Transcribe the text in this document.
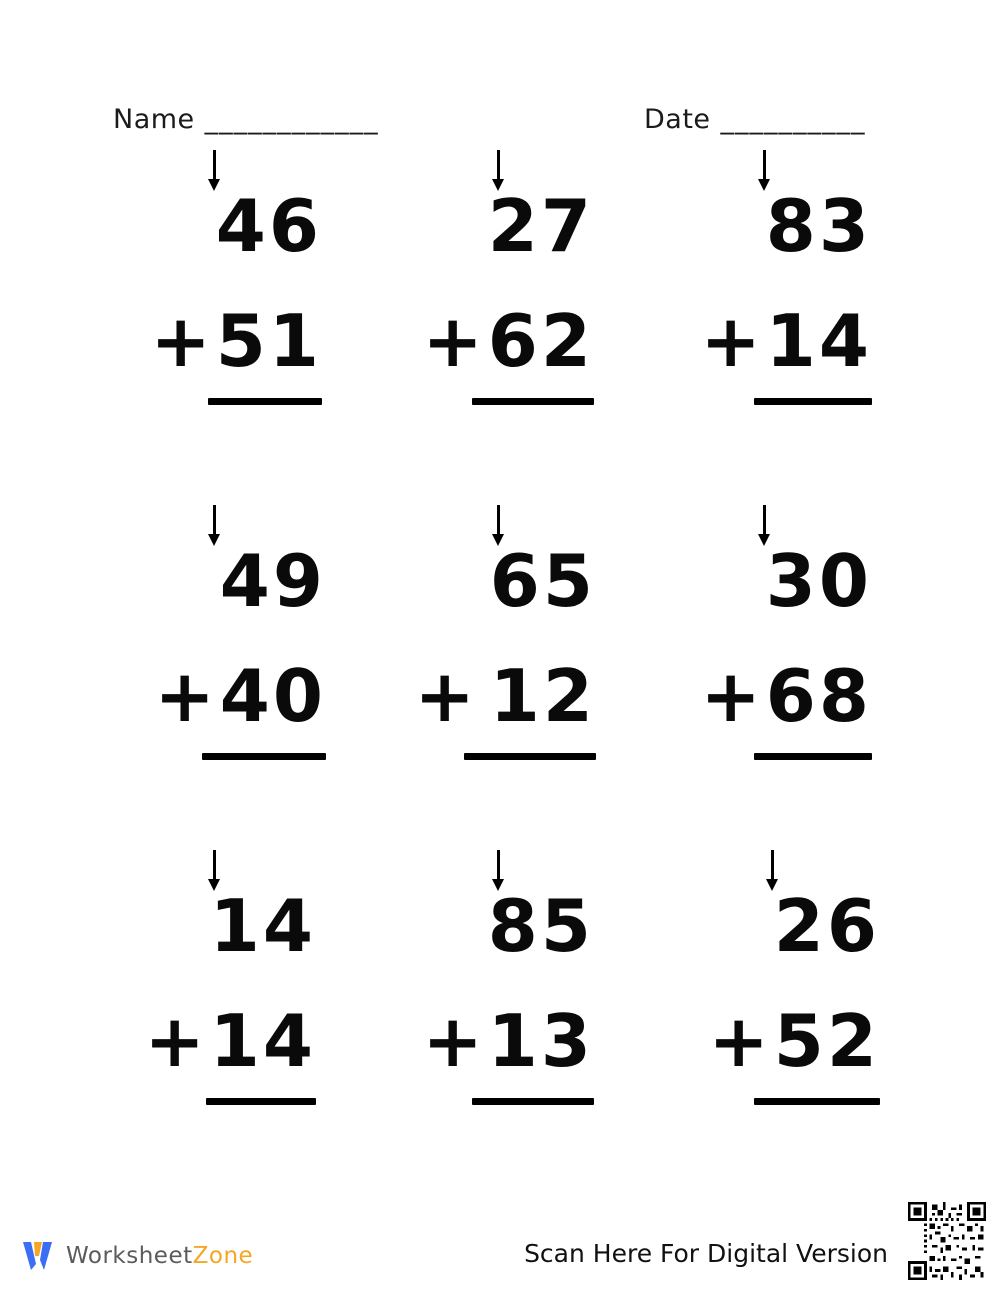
Name ____________	Date __________
46
+51
27
+62
83
+14
49
+40
65
+ 12
30
+68
14
+14
85
+13
26
+52
WorksheetZone	Scan Here For Digital Version
